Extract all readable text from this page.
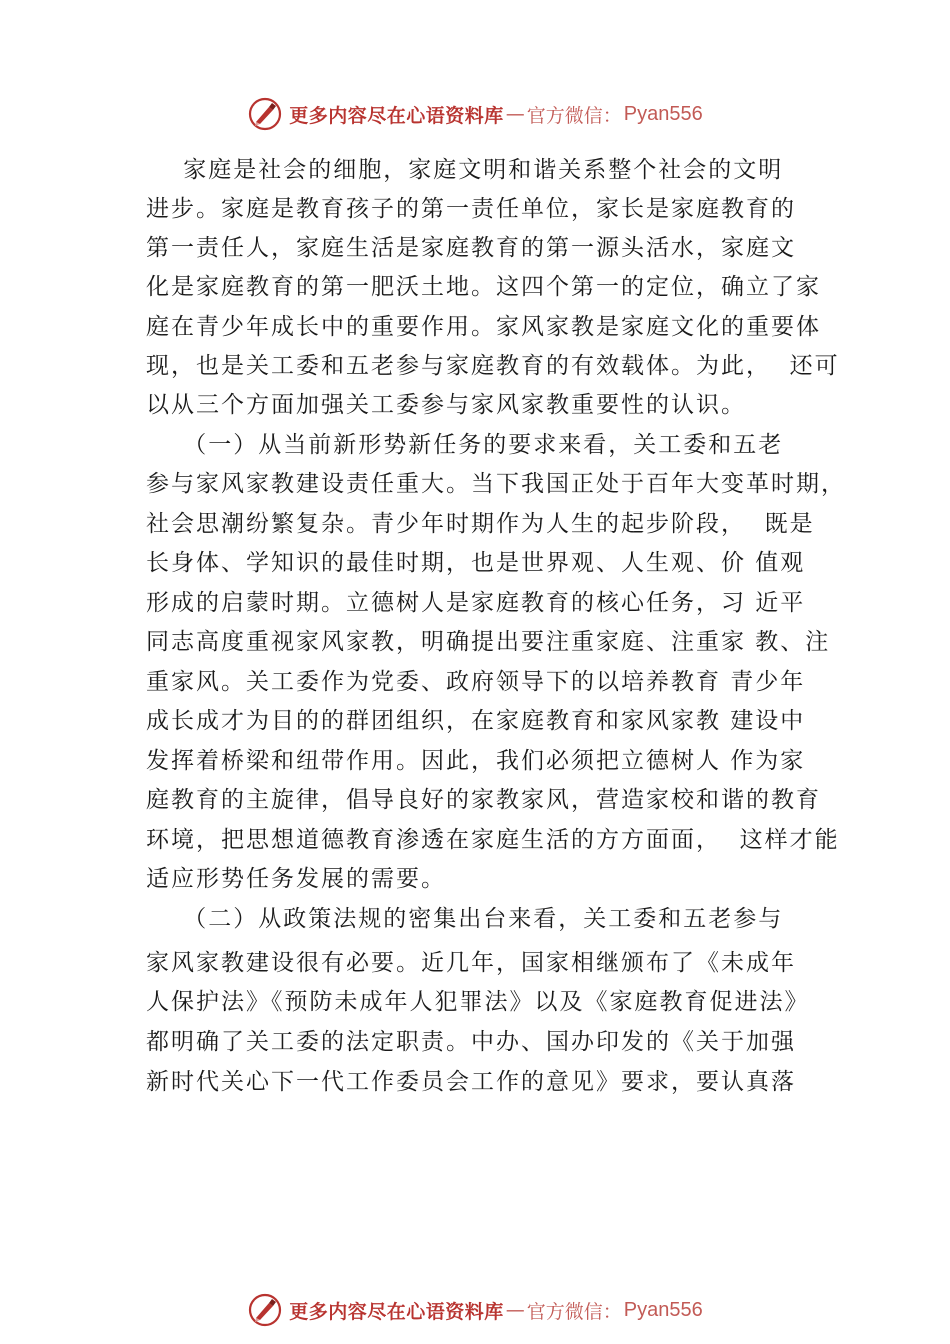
更多内容尽在心语资料库 — 官方微信： Pyan556
家庭是社会的细胞，家庭文明和谐关系整个社会的文明
进步。家庭是教育孩子的第一责任单位，家长是家庭教育的
第一责任人，家庭生活是家庭教育的第一源头活水，家庭文
化是家庭教育的第一肥沃土地。这四个第一的定位，确立了家
庭在青少年成长中的重要作用。家风家教是家庭文化的重要体
现，也是关工委和五老参与家庭教育的有效载体。为此，  还可
以从三个方面加强关工委参与家风家教重要性的认识。
（一）从当前新形势新任务的要求来看，关工委和五老
参与家风家教建设责任重大。当下我国正处于百年大变革时期，
社会思潮纷繁复杂。青少年时期作为人生的起步阶段，  既是
长身体、学知识的最佳时期，也是世界观、人生观、价 值观
形成的启蒙时期。立德树人是家庭教育的核心任务，习 近平
同志高度重视家风家教，明确提出要注重家庭、注重家 教、注
重家风。关工委作为党委、政府领导下的以培养教育 青少年
成长成才为目的的群团组织，在家庭教育和家风家教 建设中
发挥着桥梁和纽带作用。因此，我们必须把立德树人 作为家
庭教育的主旋律，倡导良好的家教家风，营造家校和谐的教育
环境，把思想道德教育渗透在家庭生活的方方面面，  这样才能
适应形势任务发展的需要。
（二）从政策法规的密集出台来看，关工委和五老参与
家风家教建设很有必要。近几年，国家相继颁布了《未成年
人保护法》《预防未成年人犯罪法》以及《家庭教育促进法》
都明确了关工委的法定职责。中办、国办印发的《关于加强
新时代关心下一代工作委员会工作的意见》要求，要认真落
更多内容尽在心语资料库 — 官方微信： Pyan556
